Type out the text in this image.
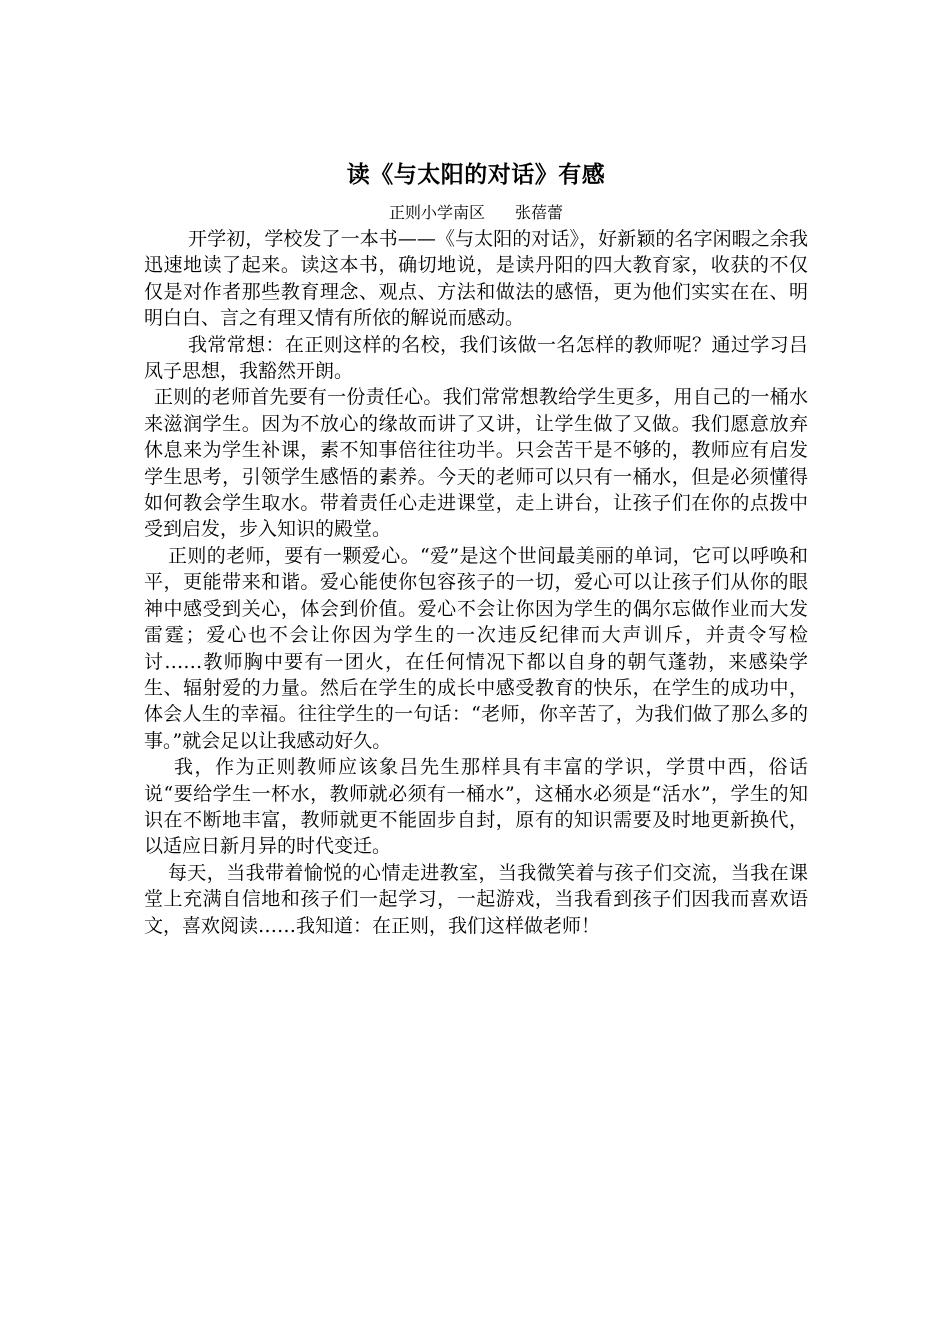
读《与太阳的对话》有感
正则小学南区 张蓓蕾

开学初，学校发了一本书——《与太阳的对话》，好新颖的名字闲暇之余我迅速地读了起来。读这本书，确切地说，是读丹阳的四大教育家，收获的不仅仅是对作者那些教育理念、观点、方法和做法的感悟，更为他们实实在在、明明白白、言之有理又情有所依的解说而感动。

我常常想：在正则这样的名校，我们该做一名怎样的教师呢？通过学习吕凤子思想，我豁然开朗。

正则的老师首先要有一份责任心。我们常常想教给学生更多，用自己的一桶水来滋润学生。因为不放心的缘故而讲了又讲，让学生做了又做。我们愿意放弃休息来为学生补课，素不知事倍往往功半。只会苦干是不够的，教师应有启发学生思考，引领学生感悟的素养。今天的老师可以只有一桶水，但是必须懂得如何教会学生取水。带着责任心走进课堂，走上讲台，让孩子们在你的点拨中受到启发，步入知识的殿堂。

正则的老师，要有一颗爱心。“爱”是这个世间最美丽的单词，它可以呼唤和平，更能带来和谐。爱心能使你包容孩子的一切，爱心可以让孩子们从你的眼神中感受到关心，体会到价值。爱心不会让你因为学生的偶尔忘做作业而大发雷霆；爱心也不会让你因为学生的一次违反纪律而大声训斥，并责令写检讨……教师胸中要有一团火，在任何情况下都以自身的朝气蓬勃，来感染学生、辐射爱的力量。然后在学生的成长中感受教育的快乐，在学生的成功中，体会人生的幸福。往往学生的一句话：“老师，你辛苦了，为我们做了那么多的事。”就会足以让我感动好久。

我，作为正则教师应该象吕先生那样具有丰富的学识，学贯中西，俗话说“要给学生一杯水，教师就必须有一桶水”，这桶水必须是“活水”，学生的知识在不断地丰富，教师就更不能固步自封，原有的知识需要及时地更新换代，以适应日新月异的时代变迁。

每天，当我带着愉悦的心情走进教室，当我微笑着与孩子们交流，当我在课堂上充满自信地和孩子们一起学习，一起游戏，当我看到孩子们因我而喜欢语文，喜欢阅读……我知道：在正则，我们这样做老师！
